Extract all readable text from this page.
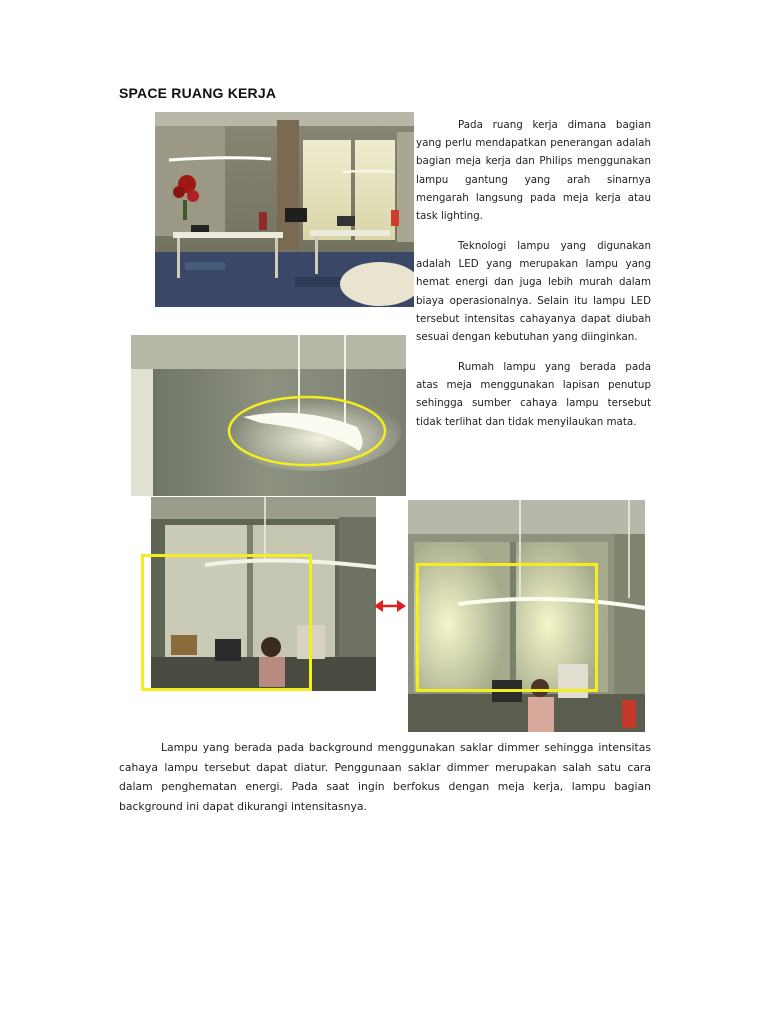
SPACE RUANG KERJA

Pada ruang kerja dimana bagian yang perlu mendapatkan penerangan adalah bagian meja kerja dan Philips menggunakan lampu gantung yang arah sinarnya mengarah langsung pada meja kerja atau task lighting.

Teknologi lampu yang digunakan adalah LED yang merupakan lampu yang hemat energi dan juga lebih murah dalam biaya operasionalnya. Selain itu lampu LED tersebut intensitas cahayanya dapat diubah sesuai dengan kebutuhan yang diinginkan.

Rumah lampu yang berada pada atas meja menggunakan lapisan penutup sehingga sumber cahaya lampu tersebut tidak terlihat dan tidak menyilaukan mata.

Lampu yang berada pada background menggunakan saklar dimmer sehingga intensitas cahaya lampu tersebut dapat diatur. Penggunaan saklar dimmer merupakan salah satu cara dalam penghematan energi. Pada saat ingin berfokus dengan meja kerja, lampu bagian background ini dapat dikurangi intensitasnya.
